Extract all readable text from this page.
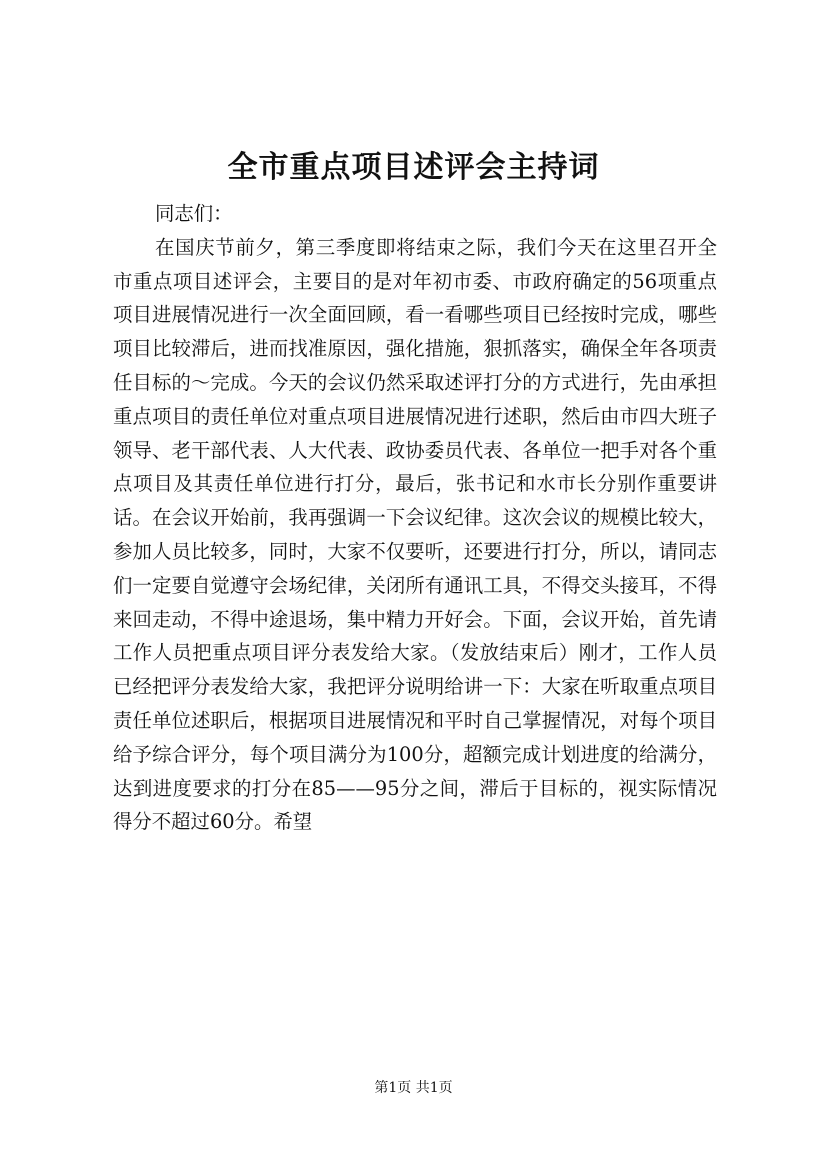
全市重点项目述评会主持词

同志们：

在国庆节前夕，第三季度即将结束之际，我们今天在这里召开全市重点项目述评会，主要目的是对年初市委、市政府确定的56项重点项目进展情况进行一次全面回顾，看一看哪些项目已经按时完成，哪些项目比较滞后，进而找准原因，强化措施，狠抓落实，确保全年各项责任目标的～完成。今天的会议仍然采取述评打分的方式进行，先由承担重点项目的责任单位对重点项目进展情况进行述职，然后由市四大班子领导、老干部代表、人大代表、政协委员代表、各单位一把手对各个重点项目及其责任单位进行打分，最后，张书记和水市长分别作重要讲话。在会议开始前，我再强调一下会议纪律。这次会议的规模比较大，参加人员比较多，同时，大家不仅要听，还要进行打分，所以，请同志们一定要自觉遵守会场纪律，关闭所有通讯工具，不得交头接耳，不得来回走动，不得中途退场，集中精力开好会。下面，会议开始，首先请工作人员把重点项目评分表发给大家。（发放结束后）刚才，工作人员已经把评分表发给大家，我把评分说明给讲一下：大家在听取重点项目责任单位述职后，根据项目进展情况和平时自己掌握情况，对每个项目给予综合评分，每个项目满分为100分，超额完成计划进度的给满分，达到进度要求的打分在85——95分之间，滞后于目标的，视实际情况得分不超过60分。希望

第1页 共1页
